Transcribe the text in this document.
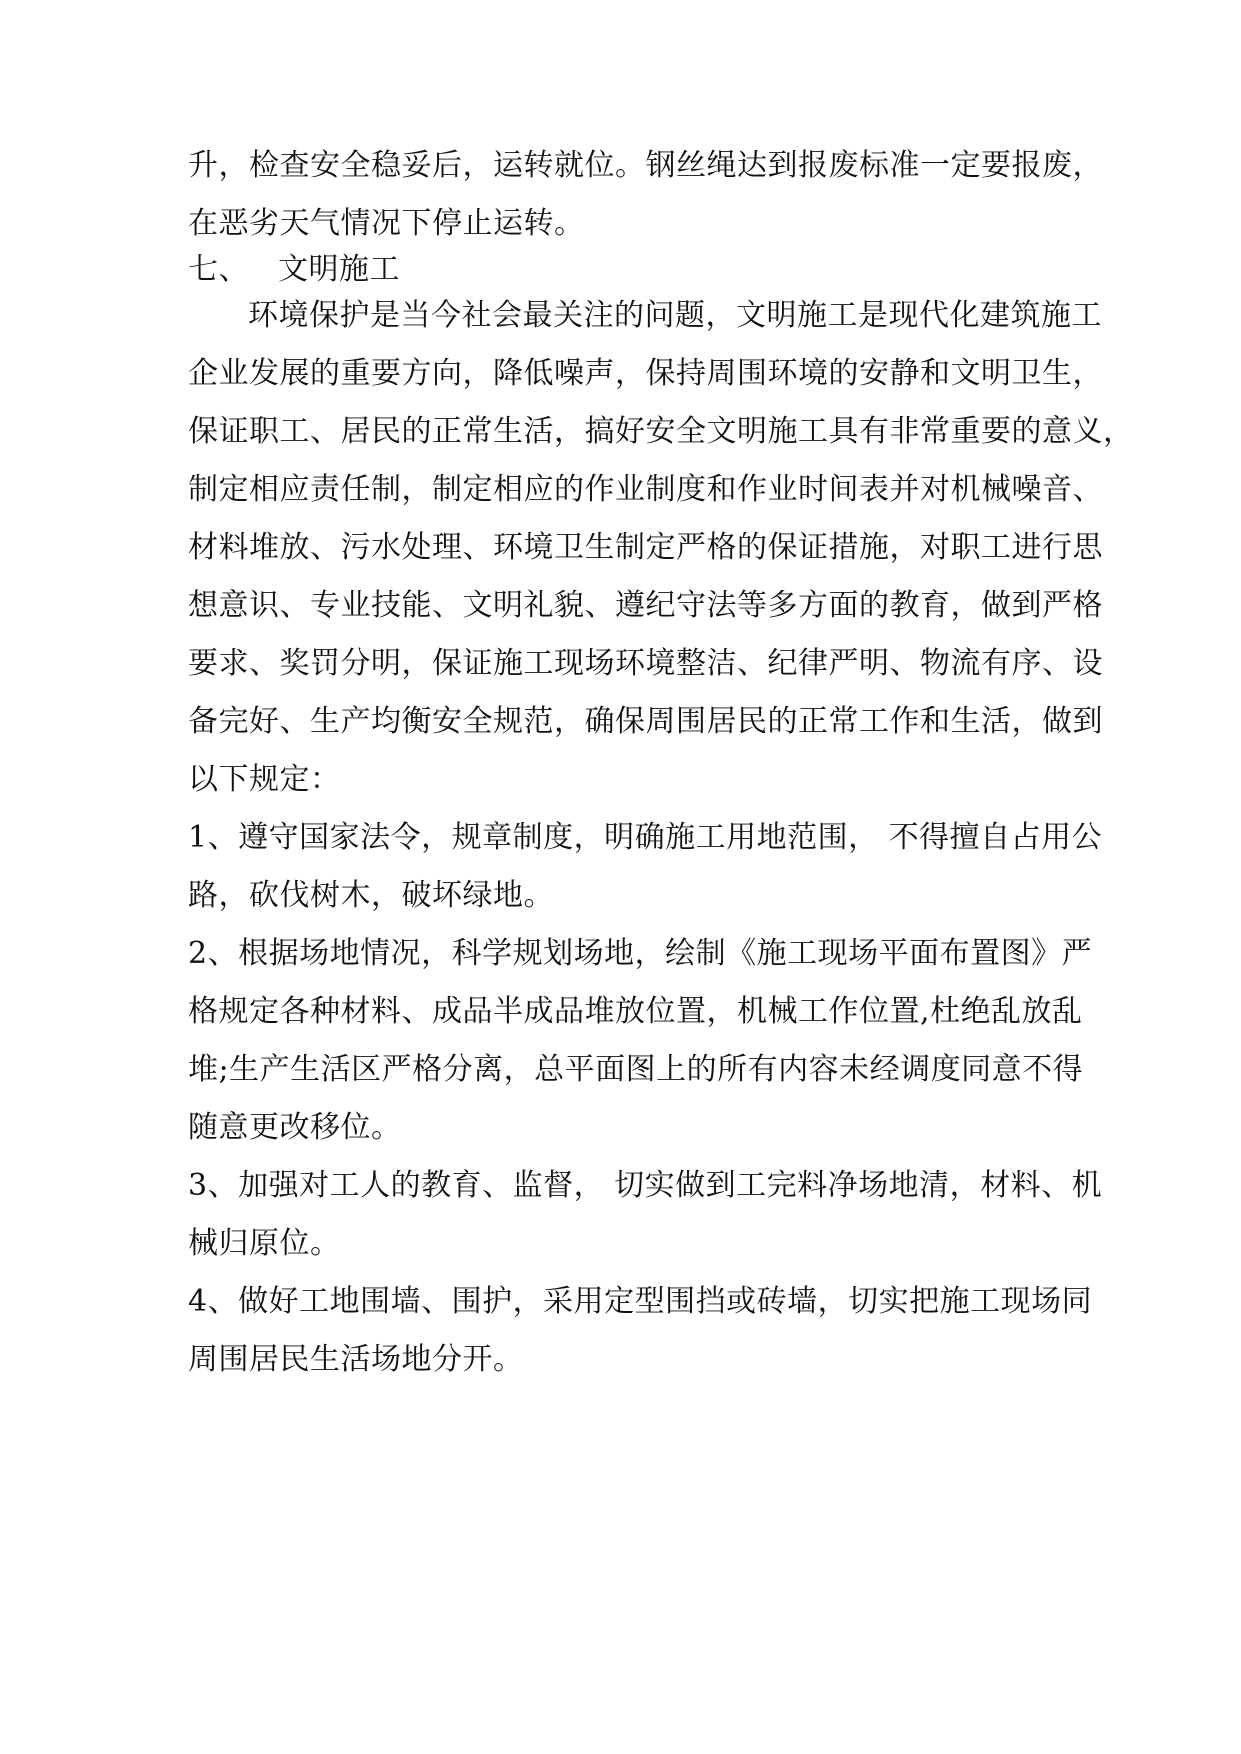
升，检查安全稳妥后，运转就位。钢丝绳达到报废标准一定要报废，
在恶劣天气情况下停止运转。
七、 文明施工
环境保护是当今社会最关注的问题，文明施工是现代化建筑施工
企业发展的重要方向，降低噪声，保持周围环境的安静和文明卫生，
保证职工、居民的正常生活，搞好安全文明施工具有非常重要的意义，
制定相应责任制，制定相应的作业制度和作业时间表并对机械噪音、
材料堆放、污水处理、环境卫生制定严格的保证措施，对职工进行思
想意识、专业技能、文明礼貌、遵纪守法等多方面的教育，做到严格
要求、奖罚分明，保证施工现场环境整洁、纪律严明、物流有序、设
备完好、生产均衡安全规范，确保周围居民的正常工作和生活，做到
以下规定：
1、遵守国家法令，规章制度，明确施工用地范围， 不得擅自占用公
路，砍伐树木，破坏绿地。
2、根据场地情况，科学规划场地，绘制《施工现场平面布置图》严
格规定各种材料、成品半成品堆放位置，机械工作位置,杜绝乱放乱
堆;生产生活区严格分离，总平面图上的所有内容未经调度同意不得
随意更改移位。
3、加强对工人的教育、监督， 切实做到工完料净场地清，材料、机
械归原位。
4、做好工地围墙、围护，采用定型围挡或砖墙，切实把施工现场同
周围居民生活场地分开。
